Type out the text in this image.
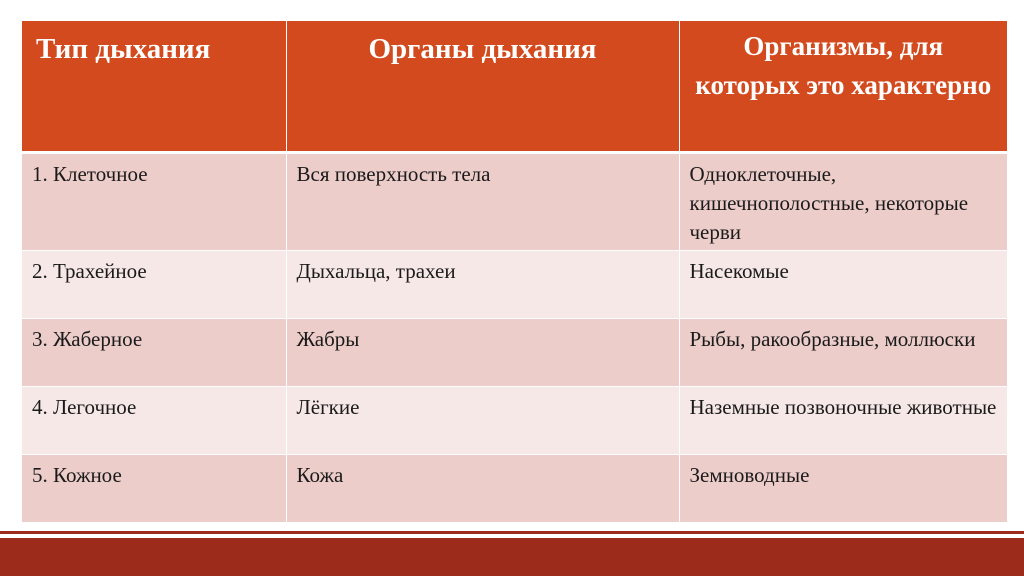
Тип дыхания	Органы дыхания	Организмы, для которых это характерно
1. Клеточное	Вся поверхность тела	Одноклеточные, кишечнополостные, некоторые черви
2. Трахейное	Дыхальца, трахеи	Насекомые
3. Жаберное	Жабры	Рыбы, ракообразные, моллюски
4. Легочное	Лёгкие	Наземные позвоночные животные
5. Кожное	Кожа	Земноводные
